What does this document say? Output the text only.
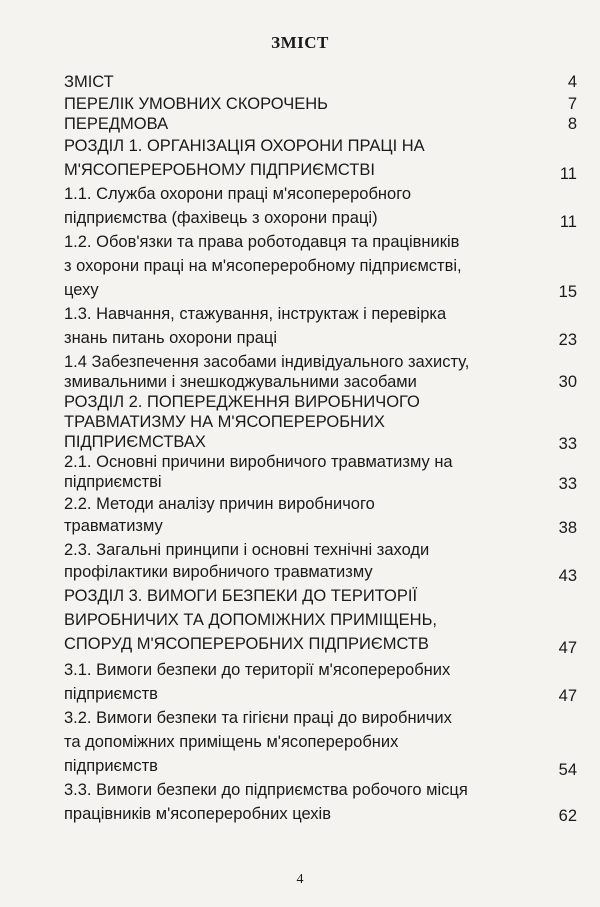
ЗМІСТ
ЗМІСТ	4
ПЕРЕЛІК УМОВНИХ СКОРОЧЕНЬ	7
ПЕРЕДМОВА	8
РОЗДІЛ 1. ОРГАНІЗАЦІЯ ОХОРОНИ ПРАЦІ НА
М'ЯСОПЕРЕРОБНОМУ ПІДПРИЄМСТВІ	11
1.1. Служба охорони праці м'ясопереробного
підприємства (фахівець з охорони праці)	11
1.2. Обов'язки та права роботодавця та працівників
з охорони праці на м'ясопереробному підприємстві,
цеху	15
1.3. Навчання, стажування, інструктаж і перевірка
знань питань охорони праці	23
1.4 Забезпечення засобами індивідуального захисту,
змивальними і знешкоджувальними засобами	30
РОЗДІЛ 2. ПОПЕРЕДЖЕННЯ ВИРОБНИЧОГО
ТРАВМАТИЗМУ НА М'ЯСОПЕРЕРОБНИХ
ПІДПРИЄМСТВАХ	33
2.1. Основні причини виробничого травматизму на
підприємстві	33
2.2. Методи аналізу причин виробничого
травматизму	38
2.3. Загальні принципи і основні технічні заходи
профілактики виробничого травматизму	43
РОЗДІЛ 3. ВИМОГИ БЕЗПЕКИ ДО ТЕРИТОРІЇ
ВИРОБНИЧИХ ТА ДОПОМІЖНИХ ПРИМІЩЕНЬ,
СПОРУД М'ЯСОПЕРЕРОБНИХ ПІДПРИЄМСТВ	47
3.1. Вимоги безпеки до території м'ясопереробних
підприємств	47
3.2. Вимоги безпеки та гігієни праці до виробничих
та допоміжних приміщень м'ясопереробних
підприємств	54
3.3. Вимоги безпеки до підприємства робочого місця
працівників м'ясопереробних цехів	62
4
